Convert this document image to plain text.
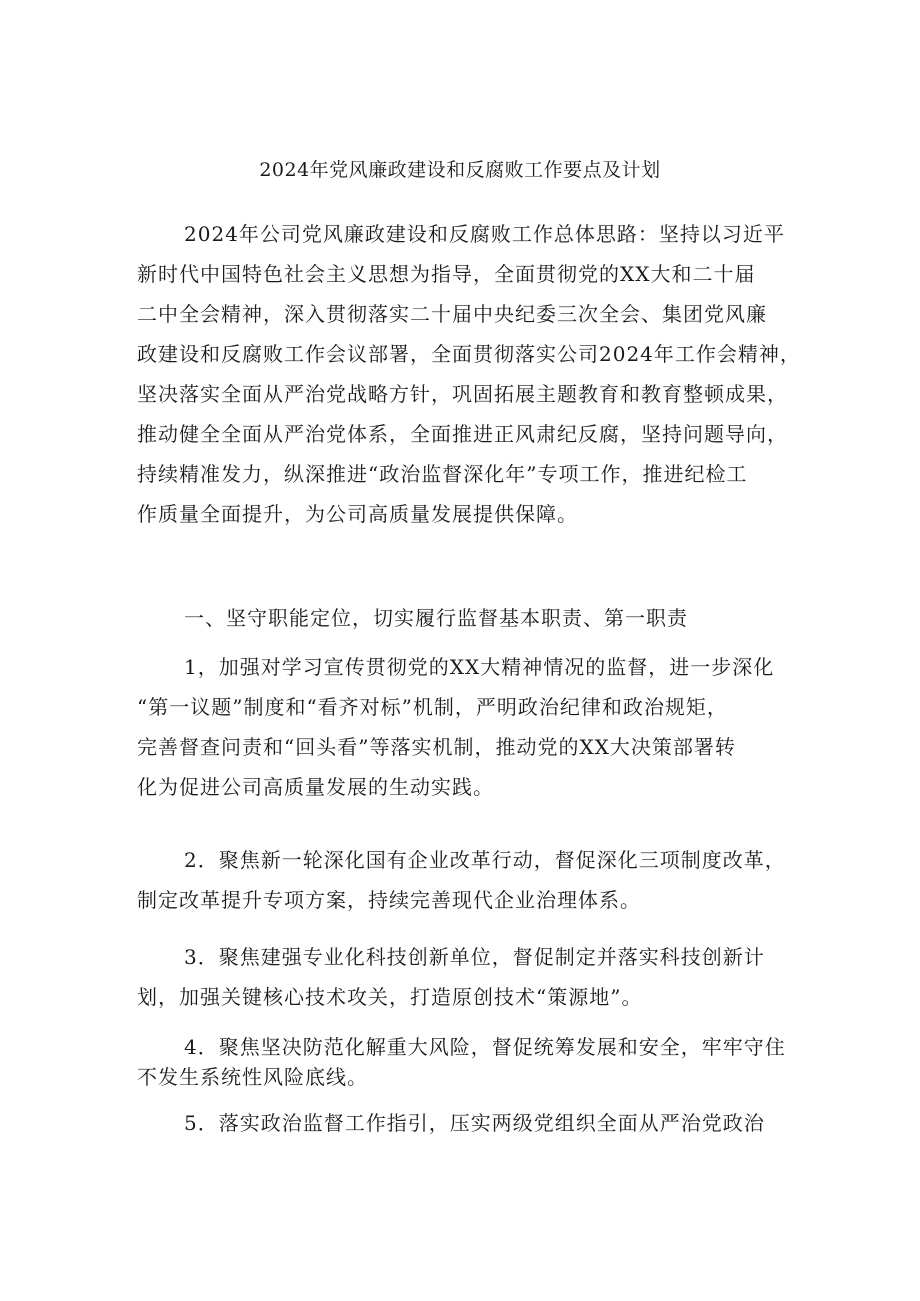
2024年党风廉政建设和反腐败工作要点及计划
2024年公司党风廉政建设和反腐败工作总体思路：坚持以习近平
新时代中国特色社会主义思想为指导，全面贯彻党的XX大和二十届
二中全会精神，深入贯彻落实二十届中央纪委三次全会、集团党风廉
政建设和反腐败工作会议部署，全面贯彻落实公司2024年工作会精神，
坚决落实全面从严治党战略方针，巩固拓展主题教育和教育整顿成果，
推动健全全面从严治党体系，全面推进正风肃纪反腐，坚持问题导向，
持续精准发力，纵深推进“政治监督深化年”专项工作，推进纪检工
作质量全面提升，为公司高质量发展提供保障。
一、坚守职能定位，切实履行监督基本职责、第一职责
1，加强对学习宣传贯彻党的XX大精神情况的监督，进一步深化
“第一议题”制度和“看齐对标”机制，严明政治纪律和政治规矩，
完善督查问责和“回头看”等落实机制，推动党的XX大决策部署转
化为促进公司高质量发展的生动实践。
2．聚焦新一轮深化国有企业改革行动，督促深化三项制度改革，
制定改革提升专项方案，持续完善现代企业治理体系。
3．聚焦建强专业化科技创新单位，督促制定并落实科技创新计
划，加强关键核心技术攻关，打造原创技术“策源地”。
4．聚焦坚决防范化解重大风险，督促统筹发展和安全，牢牢守住
不发生系统性风险底线。
5．落实政治监督工作指引，压实两级党组织全面从严治党政治
